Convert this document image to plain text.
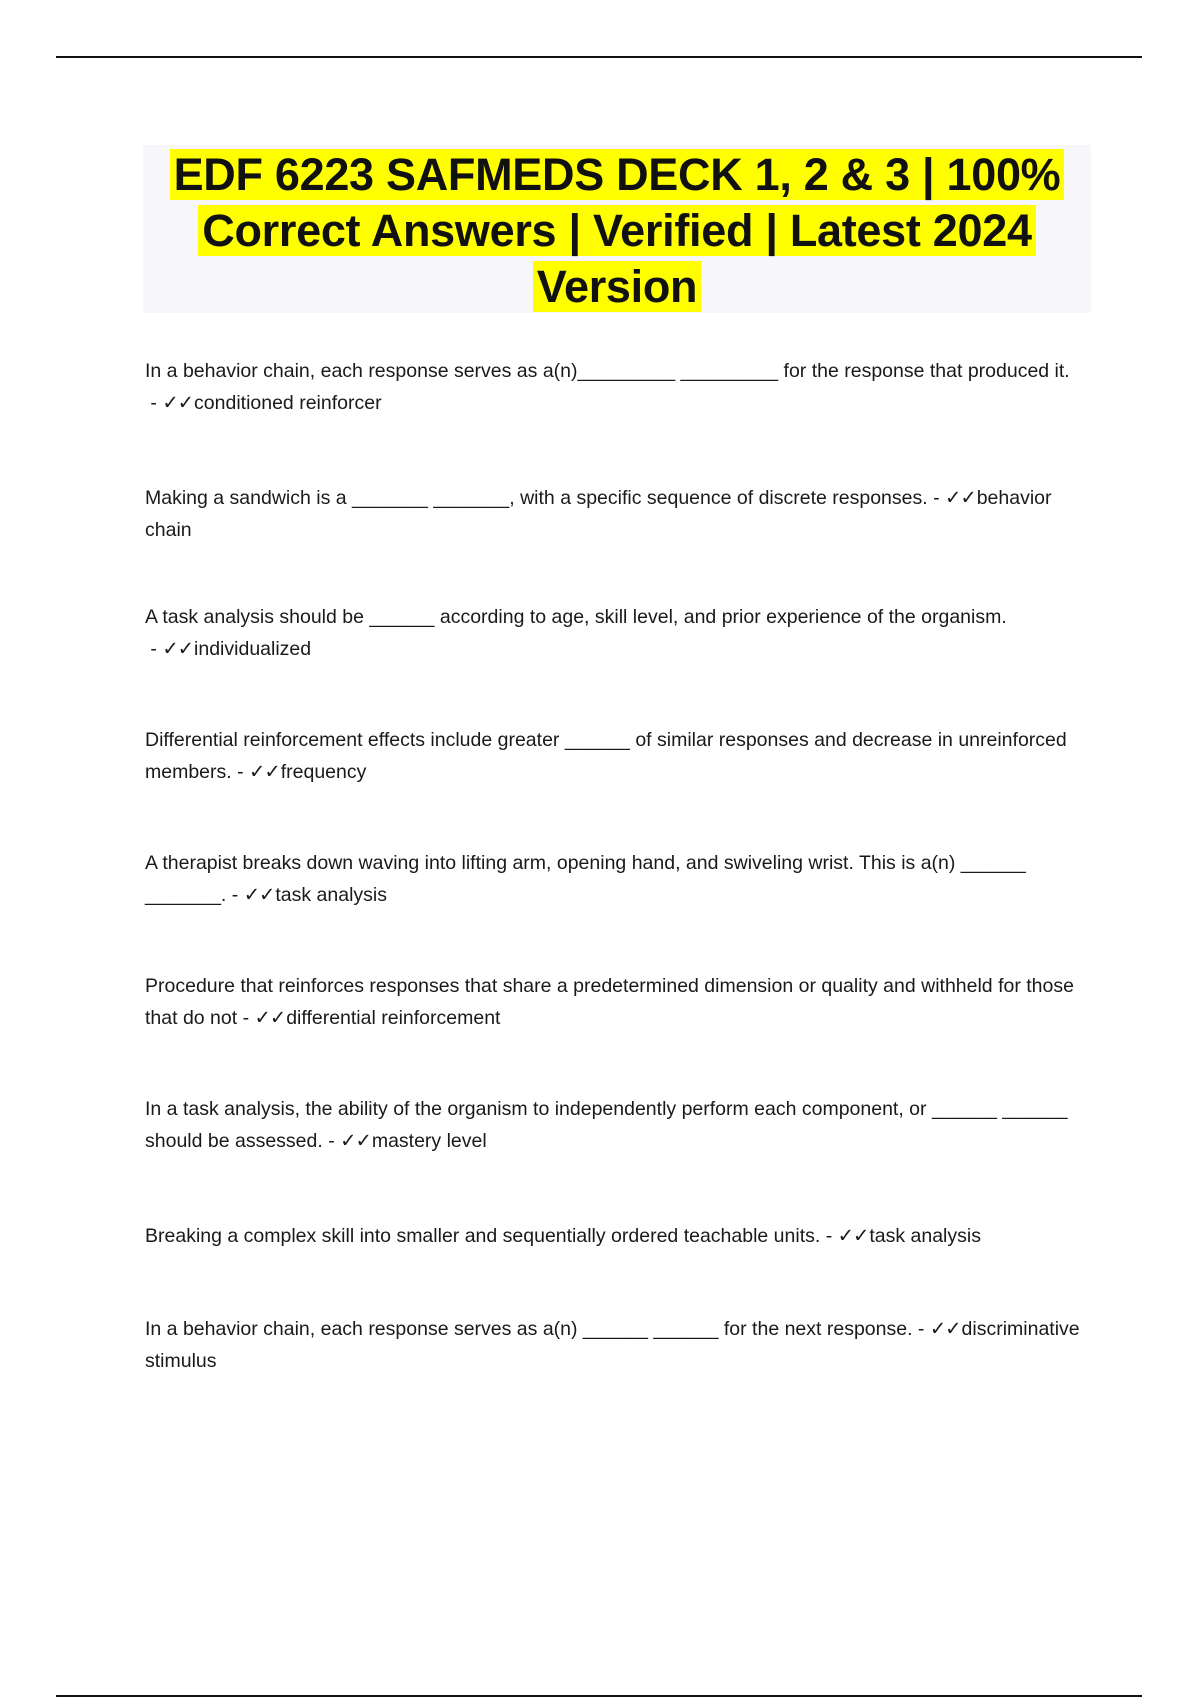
EDF 6223 SAFMEDS DECK 1, 2 & 3 | 100% Correct Answers | Verified | Latest 2024 Version

In a behavior chain, each response serves as a(n)_________ _________ for the response that produced it. - ✓✓conditioned reinforcer

Making a sandwich is a _______ _______, with a specific sequence of discrete responses. - ✓✓behavior chain

A task analysis should be ______ according to age, skill level, and prior experience of the organism. - ✓✓individualized

Differential reinforcement effects include greater ______ of similar responses and decrease in unreinforced members. - ✓✓frequency

A therapist breaks down waving into lifting arm, opening hand, and swiveling wrist. This is a(n) ______ _______. - ✓✓task analysis

Procedure that reinforces responses that share a predetermined dimension or quality and withheld for those that do not - ✓✓differential reinforcement

In a task analysis, the ability of the organism to independently perform each component, or ______ ______ should be assessed. - ✓✓mastery level

Breaking a complex skill into smaller and sequentially ordered teachable units. - ✓✓task analysis

In a behavior chain, each response serves as a(n) ______ ______ for the next response. - ✓✓discriminative stimulus
